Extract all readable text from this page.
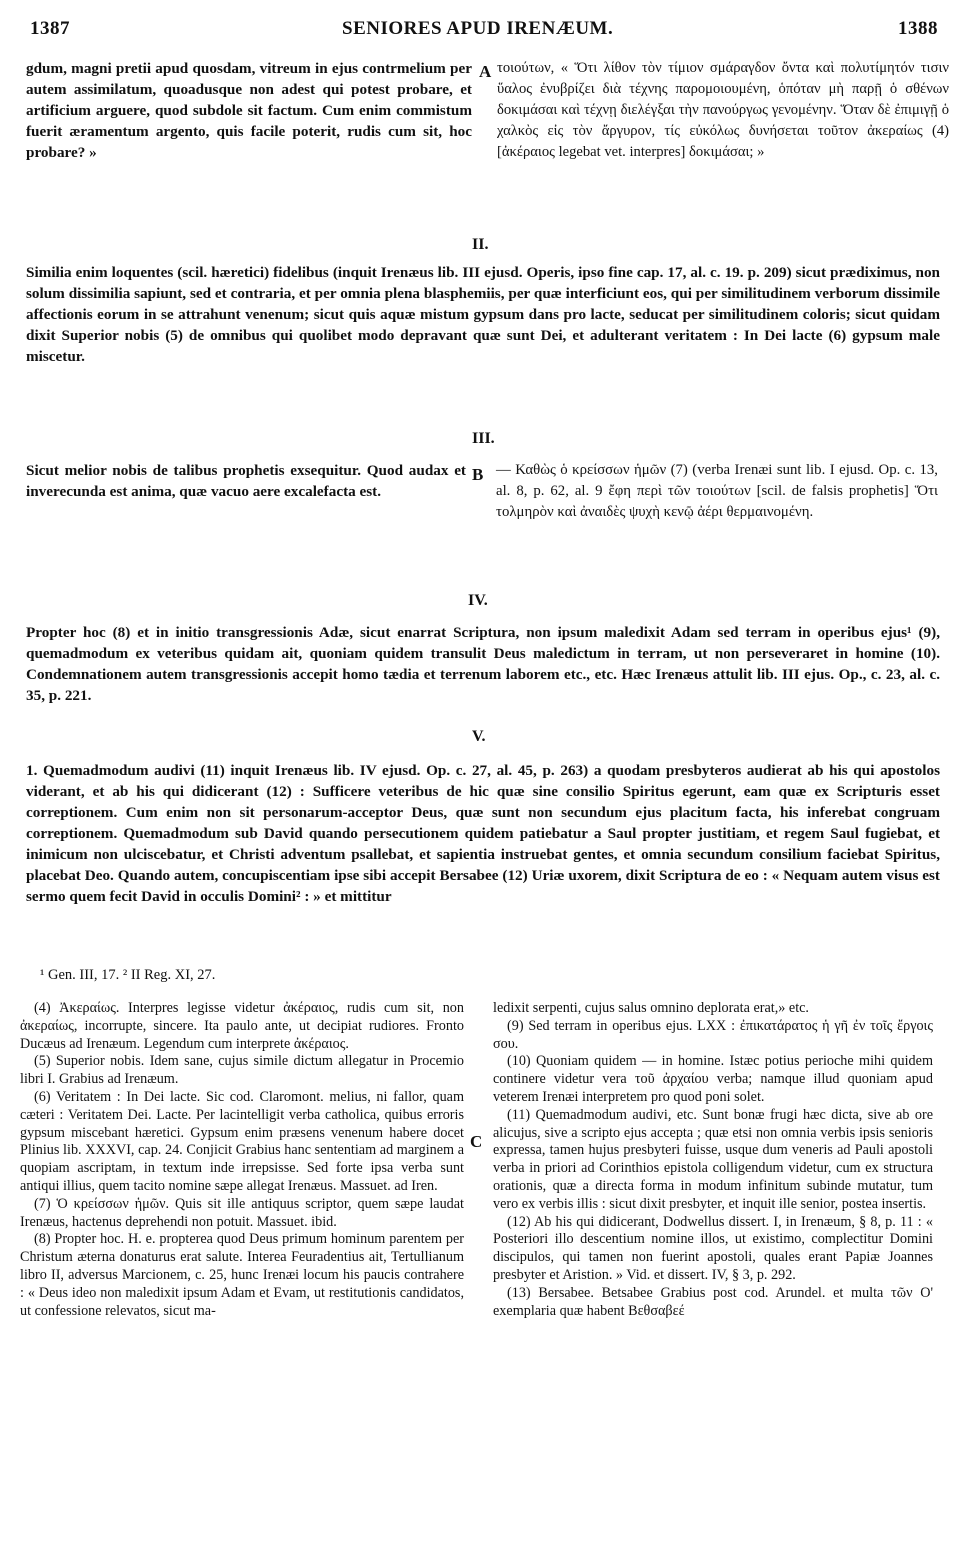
1387	SENIORES APUD IRENÆUM.	1388
gdum, magni pretii apud quosdam, vitreum in ejus contrmelium per autem assimilatum, quoadusque non adest qui potest probare, et artificium arguere, quod subdole sit factum. Cum enim commistum fuerit æramentum argento, quis facile poterit, rudis cum sit, hoc probare? »
A τοιούτων, « Ὅτι λίθον τὸν τίμιον σμάραγδον ὄντα καὶ πολυτίμητόν τισιν ὕαλος ἐνυβρίζει διὰ τέχνης παρομοιουμένη, ὁπόταν μὴ παρῇ ὁ σθένων δοκιμάσαι καὶ τέχνῃ διελέγξαι τὴν πανούργως γενομένην. Ὅταν δὲ ἐπιμιγῇ ὁ χαλκὸς εἰς τὸν ἄργυρον, τίς εὐκόλως δυνήσεται τοῦτον ἀκεραίως (4) [ἀκέραιος legebat vet. interpres] δοκιμάσαι; »
II.
Similia enim loquentes (scil. hæretici) fidelibus (inquit Irenæus lib. III ejusd. Operis, ipso fine cap. 17, al. c. 19. p. 209) sicut prædiximus, non solum dissimilia sapiunt, sed et contraria, et per omnia plena blasphemiis, per quæ interficiunt eos, qui per similitudinem verborum dissimile affectionis eorum in se attrahunt venenum; sicut quis aquæ mistum gypsum dans pro lacte, seducat per similitudinem coloris; sicut quidam dixit Superior nobis (5) de omnibus qui quolibet modo depravant quæ sunt Dei, et adulterant veritatem : In Dei lacte (6) gypsum male miscetur.
III.
Sicut melior nobis de talibus prophetis exsequitur. Quod audax et inverecunda est anima, quæ vacuo aere excalefacta est.
B — Καθὼς ὁ κρείσσων ἡμῶν (7) (verba Irenæi sunt lib. I ejusd. Op. c. 13, al. 8, p. 62, al. 9 ἔφη περὶ τῶν τοιούτων [scil. de falsis prophetis] Ὅτι τολμηρὸν καὶ ἀναιδὲς ψυχὴ κενῷ ἀέρι θερμαινομένη.
IV.
Propter hoc (8) et in initio transgressionis Adæ, sicut enarrat Scriptura, non ipsum maledixit Adam sed terram in operibus ejus¹ (9), quemadmodum ex veteribus quidam ait, quoniam quidem transulit Deus maledictum in terram, ut non perseveraret in homine (10). Condemnationem autem transgressionis accepit homo tædia et terrenum laborem etc., etc. Hæc Irenæus attulit lib. III ejus. Op., c. 23, al. c. 35, p. 221.
V.
1. Quemadmodum audivi (11) inquit Irenæus lib. IV ejusd. Op. c. 27, al. 45, p. 263) a quodam presbyteros audierat ab his qui apostolos viderant, et ab his qui didicerant (12) : Sufficere veteribus de hic quæ sine consilio Spiritus egerunt, eam quæ ex Scripturis esset correptionem. Cum enim non sit personarum-acceptor Deus, quæ sunt non secundum ejus placitum facta, his inferebat congruam correptionem. Quemadmodum sub David quando persecutionem quidem patiebatur a Saul propter justitiam, et regem Saul fugiebat, et inimicum non ulciscebatur, et Christi adventum psallebat, et sapientia instruebat gentes, et omnia secundum consilium faciebat Spiritus, placebat Deo. Quando autem, concupiscentiam ipse sibi accepit Bersabee (12) Uriæ uxorem, dixit Scriptura de eo : « Nequam autem visus est sermo quem fecit David in occulis Domini² : » et mittitur
¹ Gen. III, 17. ² II Reg. XI, 27.

(4) Ἀκεραίως. Interpres legisse videtur ἀκέραιος, rudis cum sit, non ἀκεραίως, incorrupte, sincere. Ita paulo ante, ut decipiat rudiores. Fronto Ducæus ad Irenæum. Legendum cum interprete ἀκέραιος.

(5) Superior nobis. Idem sane, cujus simile dictum allegatur in Procemio libri I. Grabius ad Irenæum.

(6) Veritatem : In Dei lacte. Sic cod. Claromont. melius, ni fallor, quam cæteri : Veritatem Dei. Lacte. Per lacintelligit verba catholica, quibus erroris gypsum miscebant hæretici. Gypsum enim præsens venenum habere docet Plinius lib. XXXVI, cap. 24. Conjicit Grabius hanc sententiam ad marginem a quopiam ascriptam, in textum inde irrepsisse. Sed forte ipsa verba sunt antiqui illius, quem tacito nomine sæpe allegat Irenæus. Massuet. ad Iren.

(7) Ὁ κρείσσων ἡμῶν. Quis sit ille antiquus scriptor, quem sæpe laudat Irenæus, hactenus deprehendi non potuit. Massuet. ibid.

(8) Propter hoc. H. e. propterea quod Deus primum hominum parentem per Christum æterna donaturus erat salute. Interea Feuradentius ait, Tertullianum libro II, adversus Marcionem, c. 25, hunc Irenæi locum his paucis contrahere : « Deus ideo non maledixit ipsum Adam et Evam, ut restitutionis candidatos, ut confessione relevatos, sicut ma-

C

ledixit serpenti, cujus salus omnino deplorata erat,» etc.

(9) Sed terram in operibus ejus. LXX : ἐπικατάρατος ἡ γῆ ἐν τοῖς ἔργοις σου.

(10) Quoniam quidem — in homine. Istæc potius perioche mihi quidem continere videtur vera τοῦ ἀρχαίου verba; namque illud quoniam apud veterem Irenæi interpretem pro quod poni solet.

(11) Quemadmodum audivi, etc. Sunt bonæ frugi hæc dicta, sive ab ore alicujus, sive a scripto ejus accepta ; quæ etsi non omnia verbis ipsis senioris expressa, tamen hujus presbyteri fuisse, usque dum veneris ad Pauli apostoli verba in priori ad Corinthios epistola colligendum videtur, cum ex structura orationis, quæ a directa forma in modum infinitum subinde mutatur, tum vero ex verbis illis : sicut dixit presbyter, et inquit ille senior, postea insertis.

(12) Ab his qui didicerant, Dodwellus dissert. I, in Irenæum, § 8, p. 11 : « Posteriori illo descentium nomine illos, ut existimo, complectitur Domini discipulos, qui tamen non fuerint apostoli, quales erant Papiæ Joannes presbyter et Aristion. » Vid. et dissert. IV, § 3, p. 292.

(13) Bersabee. Betsabee Grabius post cod. Arundel. et multa τῶν Ο' exemplaria quæ habent Βεθσαβεέ
